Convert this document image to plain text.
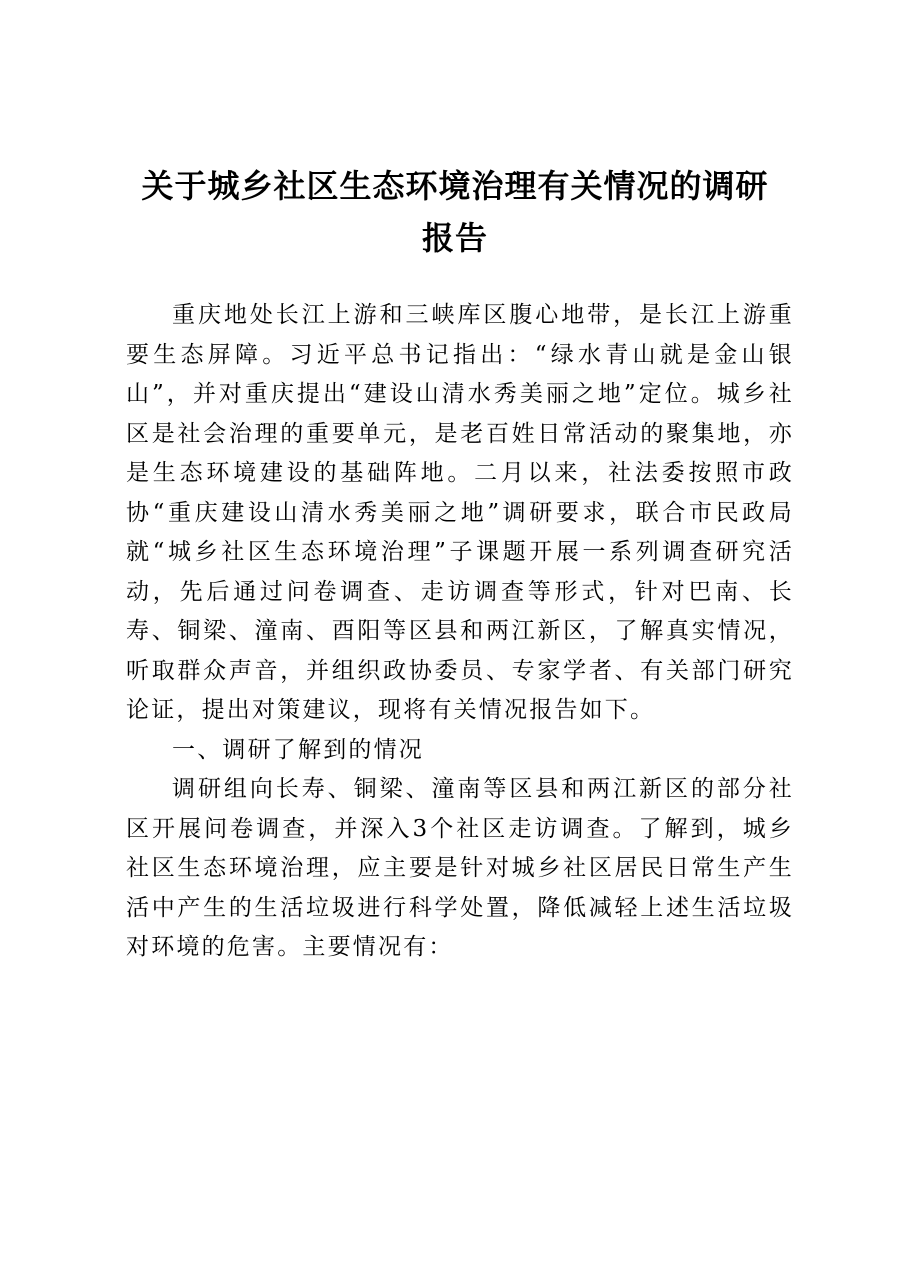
关于城乡社区生态环境治理有关情况的调研
报告

重庆地处长江上游和三峡库区腹心地带，是长江上游重要生态屏障。习近平总书记指出：“绿水青山就是金山银山”，并对重庆提出“建设山清水秀美丽之地”定位。城乡社区是社会治理的重要单元，是老百姓日常活动的聚集地，亦是生态环境建设的基础阵地。二月以来，社法委按照市政协“重庆建设山清水秀美丽之地”调研要求，联合市民政局就“城乡社区生态环境治理”子课题开展一系列调查研究活动，先后通过问卷调查、走访调查等形式，针对巴南、长寿、铜梁、潼南、酉阳等区县和两江新区，了解真实情况，听取群众声音，并组织政协委员、专家学者、有关部门研究论证，提出对策建议，现将有关情况报告如下。

一、调研了解到的情况

调研组向长寿、铜梁、潼南等区县和两江新区的部分社区开展问卷调查，并深入3个社区走访调查。了解到，城乡社区生态环境治理，应主要是针对城乡社区居民日常生产生活中产生的生活垃圾进行科学处置，降低减轻上述生活垃圾对环境的危害。主要情况有：
